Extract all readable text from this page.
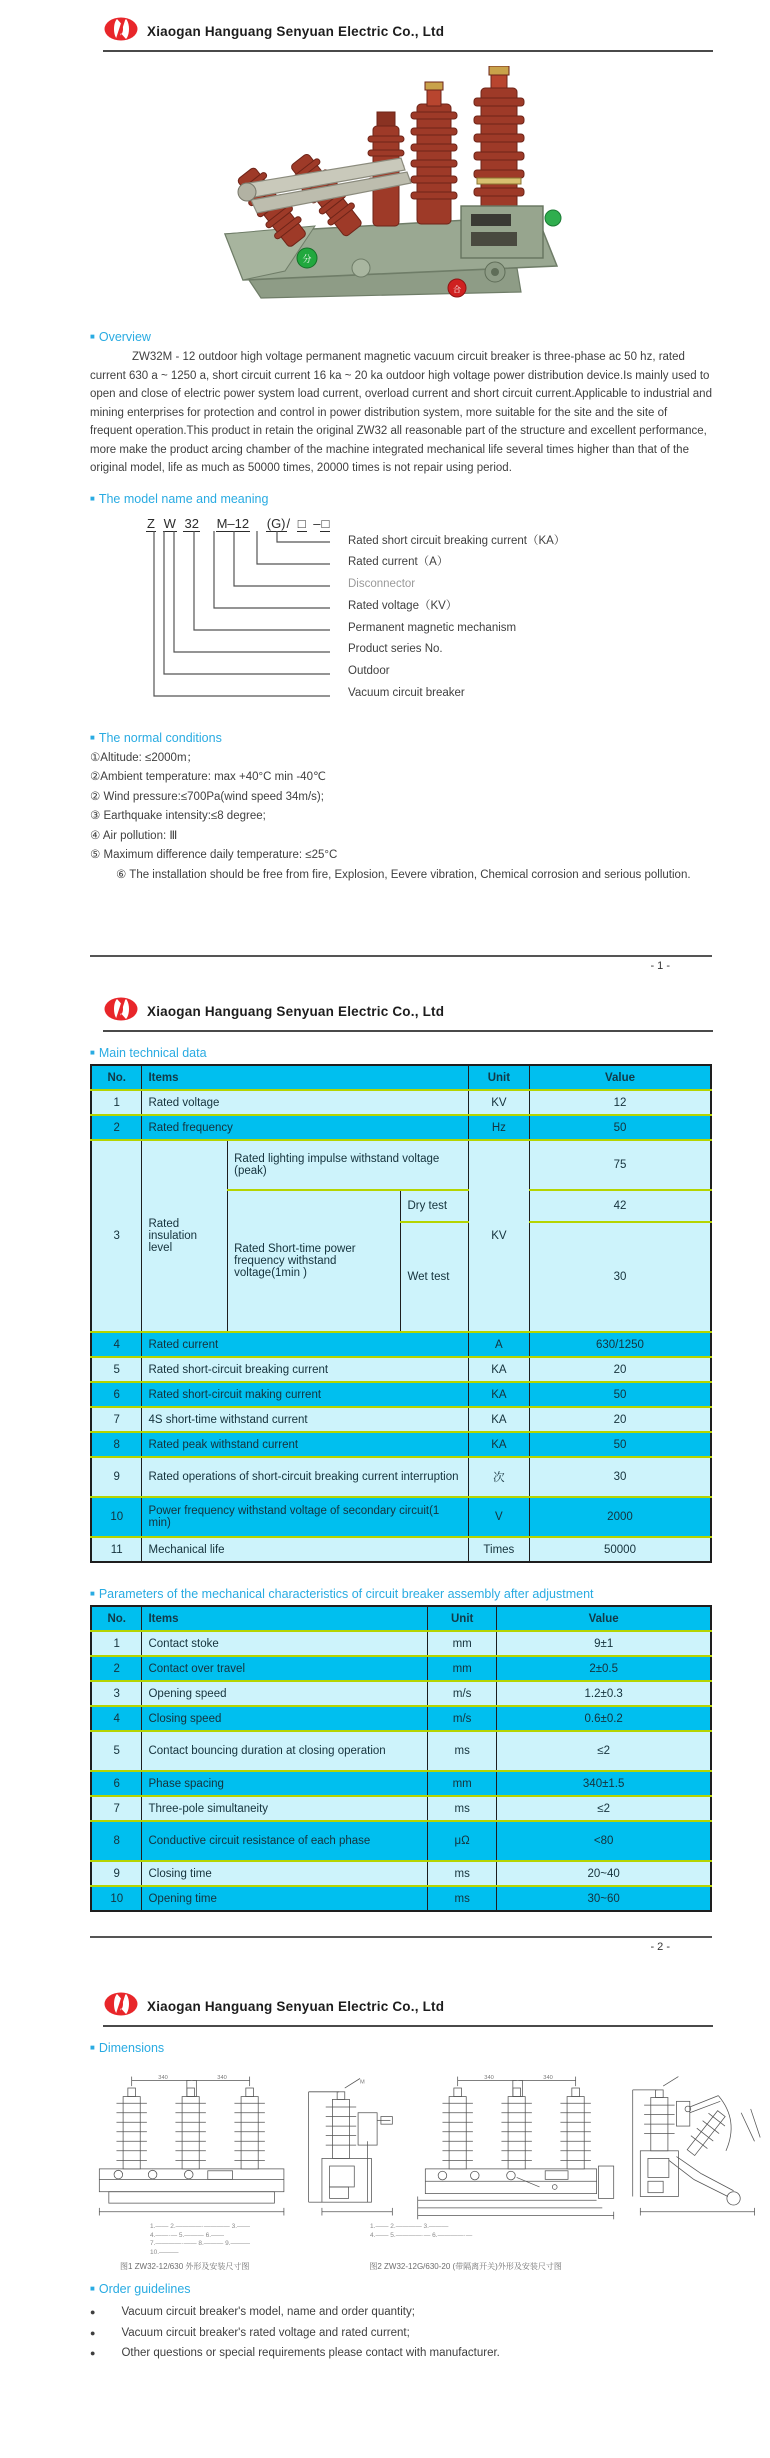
Xiaogan Hanguang Senyuan Electric Co., Ltd
分
合
■ Overview
ZW32M - 12 outdoor high voltage permanent magnetic vacuum circuit breaker is three-phase ac 50 hz, rated current 630 a ~ 1250 a, short circuit current 16 ka ~ 20 ka outdoor high voltage power distribution device.Is mainly used to open and close of electric power system load current, overload current and short circuit current.Applicable to industrial and mining enterprises for protection and control in power distribution system, more suitable for the site and the site of frequent operation.This product in retain the original ZW32 all reasonable part of the structure and excellent performance, more make the product arcing chamber of the machine integrated mechanical life several times higher than that of the original model, life as much as 50000 times, 20000 times is not repair using period.
■ The model name and meaning
Z W 32 M–12 (G)/ □ –□
Rated short circuit breaking current（KA）
Rated current（A）
Disconnector
Rated voltage（KV）
Permanent magnetic mechanism
Product series No.
Outdoor
Vacuum circuit breaker
■ The normal conditions
①Altitude: ≤2000m；
②Ambient temperature: max +40°C min -40℃
② Wind pressure:≤700Pa(wind speed 34m/s);
③ Earthquake intensity:≤8 degree;
④ Air pollution: Ⅲ
⑤ Maximum difference daily temperature: ≤25°C
⑥ The installation should be free from fire, Explosion, Eevere vibration, Chemical corrosion and serious pollution.
- 1 -
Xiaogan Hanguang Senyuan Electric Co., Ltd
■ Main technical data
No.	Items			Unit	Value
1	Rated voltage			KV	12
2	Rated frequency			Hz	50
3	Rated insulation level	Rated lighting impulse withstand voltage (peak)		KV	75
		Rated Short-time power frequency withstand voltage(1min )	Dry test		42
			Wet test		30
4	Rated current			A	630/1250
5	Rated short-circuit breaking current			KA	20
6	Rated short-circuit making current			KA	50
7	4S short-time withstand current			KA	20
8	Rated peak withstand current			KA	50
9	Rated operations of short-circuit breaking current interruption			次	30
10	Power frequency withstand voltage of secondary circuit(1 min)			V	2000
11	Mechanical life			Times	50000
■ Parameters of the mechanical characteristics of circuit breaker assembly after adjustment
No.	Items	Unit	Value
1	Contact stoke	mm	9±1
2	Contact over travel	mm	2±0.5
3	Opening speed	m/s	1.2±0.3
4	Closing speed	m/s	0.6±0.2
5	Contact bouncing duration at closing operation	ms	≤2
6	Phase spacing	mm	340±1.5
7	Three-pole simultaneity	ms	≤2
8	Conductive circuit resistance of each phase	μΩ	<80
9	Closing time	ms	20~40
10	Opening time	ms	30~60
- 2 -
Xiaogan Hanguang Senyuan Electric Co., Ltd
■ Dimensions
340	340
M
340	340
1.—— 2.————·———— 3.——
4.——·— 5.——— 6.——
7.————·—— 8.——— 9.———
10.———
1.—— 2.———— 3.———
4.—— 5.————·— 6.————·—
图1 ZW32-12/630 外形及安装尺寸图	图2 ZW32-12G/630-20 (带隔离开关)外形及安装尺寸图
■ Order guidelines
● Vacuum circuit breaker's model, name and order quantity;
● Vacuum circuit breaker's rated voltage and rated current;
● Other questions or special requirements please contact with manufacturer.
